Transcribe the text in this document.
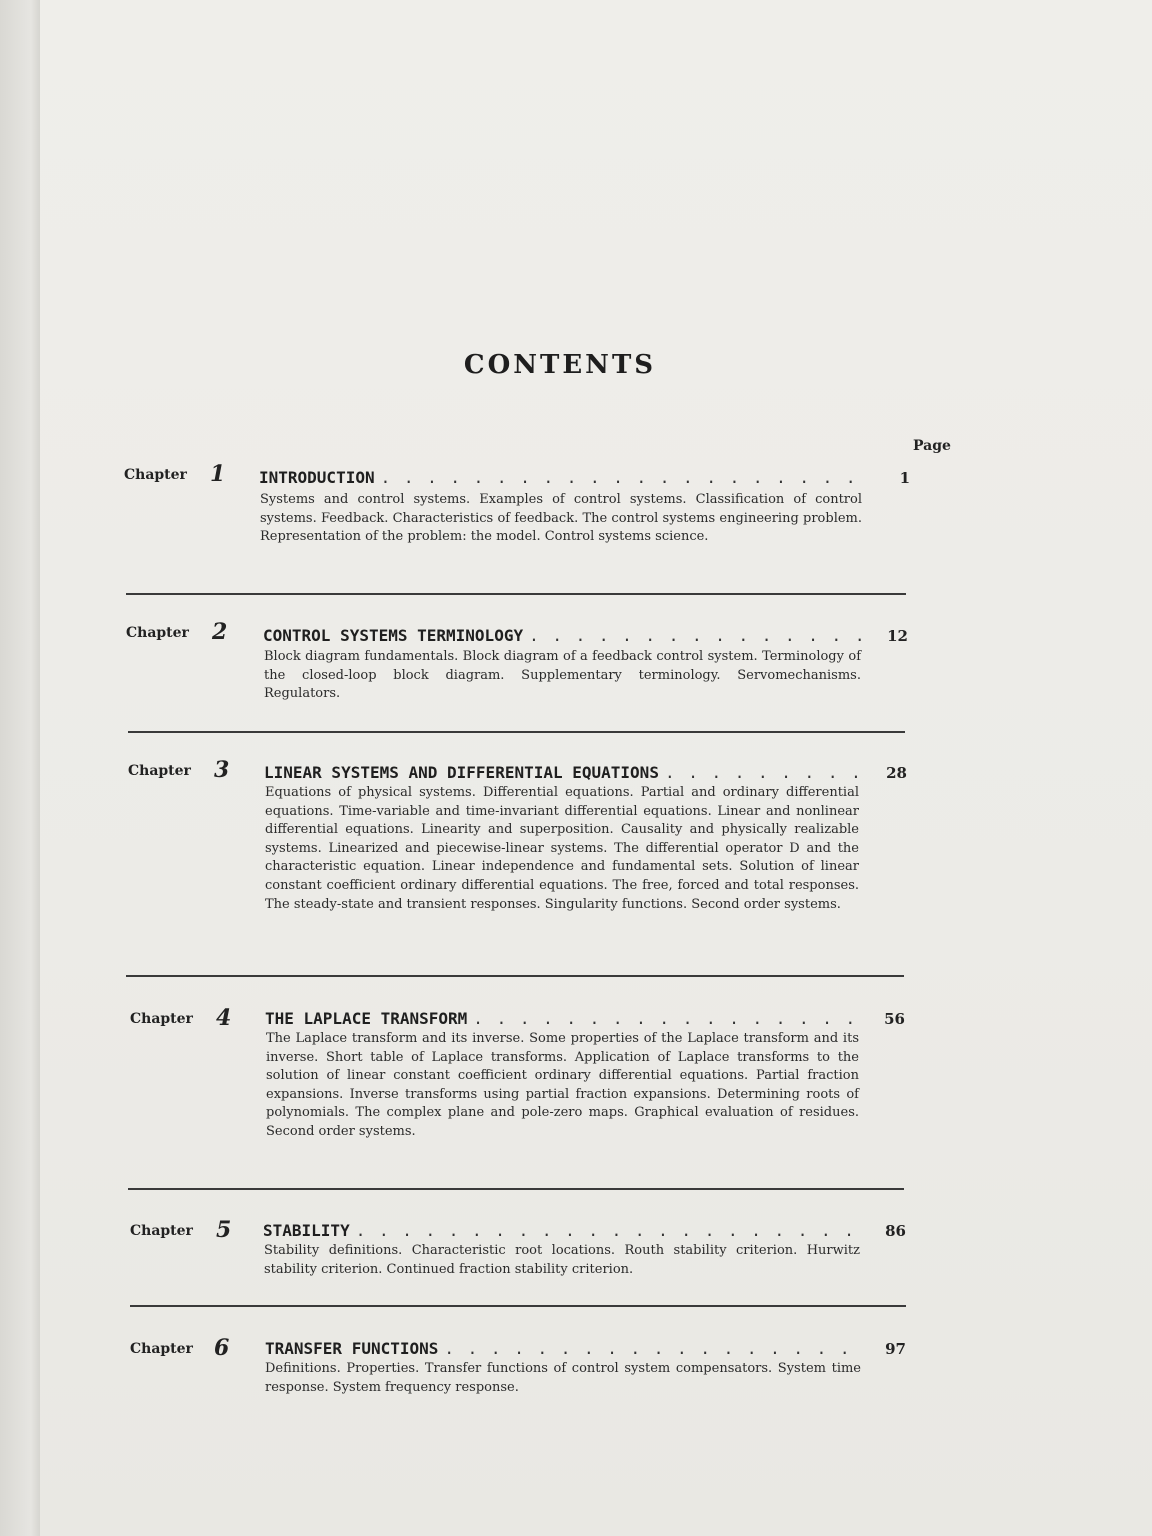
CONTENTS
Page
Chapter 1 INTRODUCTION . . .	1
Systems and control systems. Examples of control systems. Classification of control systems. Feedback. Characteristics of feedback. The control systems engineering problem. Representation of the problem: the model. Control systems science.
Chapter 2 CONTROL SYSTEMS TERMINOLOGY . . .	12
Block diagram fundamentals. Block diagram of a feedback control system. Terminology of the closed-loop block diagram. Supplementary terminology. Servomechanisms. Regulators.
Chapter 3 LINEAR SYSTEMS AND DIFFERENTIAL EQUATIONS . . .	28
Equations of physical systems. Differential equations. Partial and ordinary differential equations. Time-variable and time-invariant differential equations. Linear and nonlinear differential equations. Linearity and superposition. Causality and physically realizable systems. Linearized and piecewise-linear systems. The differential operator D and the characteristic equation. Linear independence and fundamental sets. Solution of linear constant coefficient ordinary differential equations. The free, forced and total responses. The steady-state and transient responses. Singularity functions. Second order systems.
Chapter 4 THE LAPLACE TRANSFORM . . .	56
The Laplace transform and its inverse. Some properties of the Laplace transform and its inverse. Short table of Laplace transforms. Application of Laplace transforms to the solution of linear constant coefficient ordinary differential equations. Partial fraction expansions. Inverse transforms using partial fraction expansions. Determining roots of polynomials. The complex plane and pole-zero maps. Graphical evaluation of residues. Second order systems.
Chapter 5 STABILITY . . .	86
Stability definitions. Characteristic root locations. Routh stability criterion. Hurwitz stability criterion. Continued fraction stability criterion.
Chapter 6 TRANSFER FUNCTIONS . . .	97
Definitions. Properties. Transfer functions of control system compensators. System time response. System frequency response.
